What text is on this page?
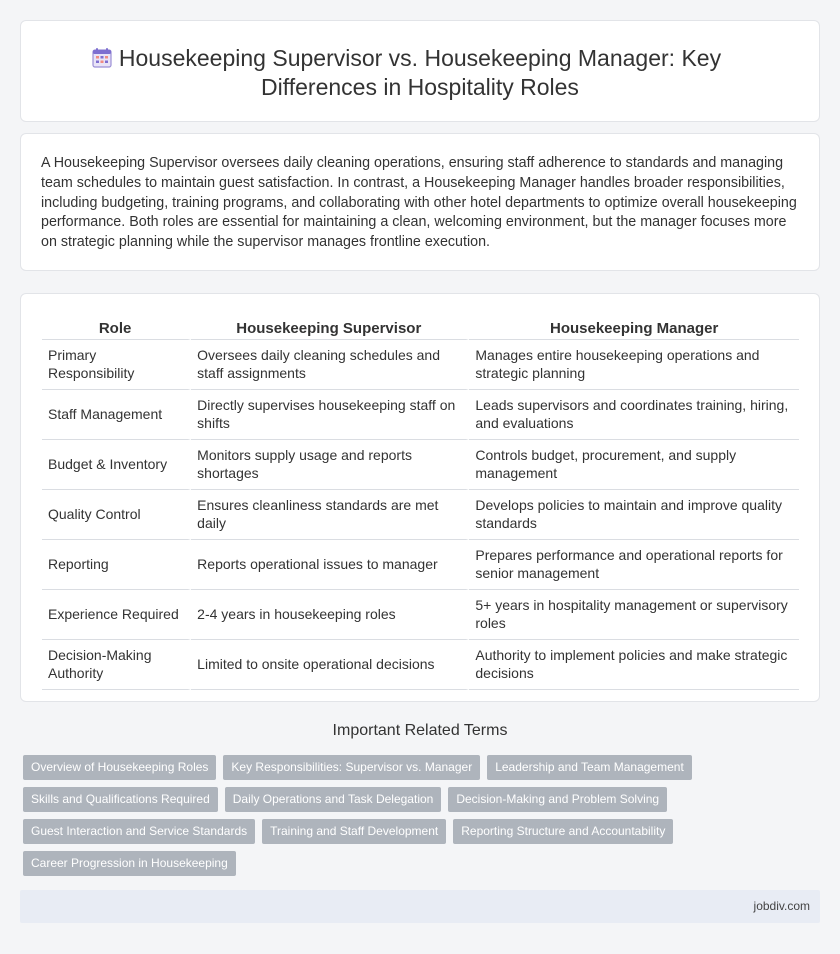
Housekeeping Supervisor vs. Housekeeping Manager: Key Differences in Hospitality Roles

A Housekeeping Supervisor oversees daily cleaning operations, ensuring staff adherence to standards and managing team schedules to maintain guest satisfaction. In contrast, a Housekeeping Manager handles broader responsibilities, including budgeting, training programs, and collaborating with other hotel departments to optimize overall housekeeping performance. Both roles are essential for maintaining a clean, welcoming environment, but the manager focuses more on strategic planning while the supervisor manages frontline execution.

Role	Housekeeping Supervisor	Housekeeping Manager
Primary Responsibility	Oversees daily cleaning schedules and staff assignments	Manages entire housekeeping operations and strategic planning
Staff Management	Directly supervises housekeeping staff on shifts	Leads supervisors and coordinates training, hiring, and evaluations
Budget & Inventory	Monitors supply usage and reports shortages	Controls budget, procurement, and supply management
Quality Control	Ensures cleanliness standards are met daily	Develops policies to maintain and improve quality standards
Reporting	Reports operational issues to manager	Prepares performance and operational reports for senior management
Experience Required	2-4 years in housekeeping roles	5+ years in hospitality management or supervisory roles
Decision-Making Authority	Limited to onsite operational decisions	Authority to implement policies and make strategic decisions
Important Related Terms
Overview of Housekeeping Roles	Key Responsibilities: Supervisor vs. Manager	Leadership and Team Management
Skills and Qualifications Required	Daily Operations and Task Delegation	Decision-Making and Problem Solving
Guest Interaction and Service Standards	Training and Staff Development	Reporting Structure and Accountability
Career Progression in Housekeeping
jobdiv.com
